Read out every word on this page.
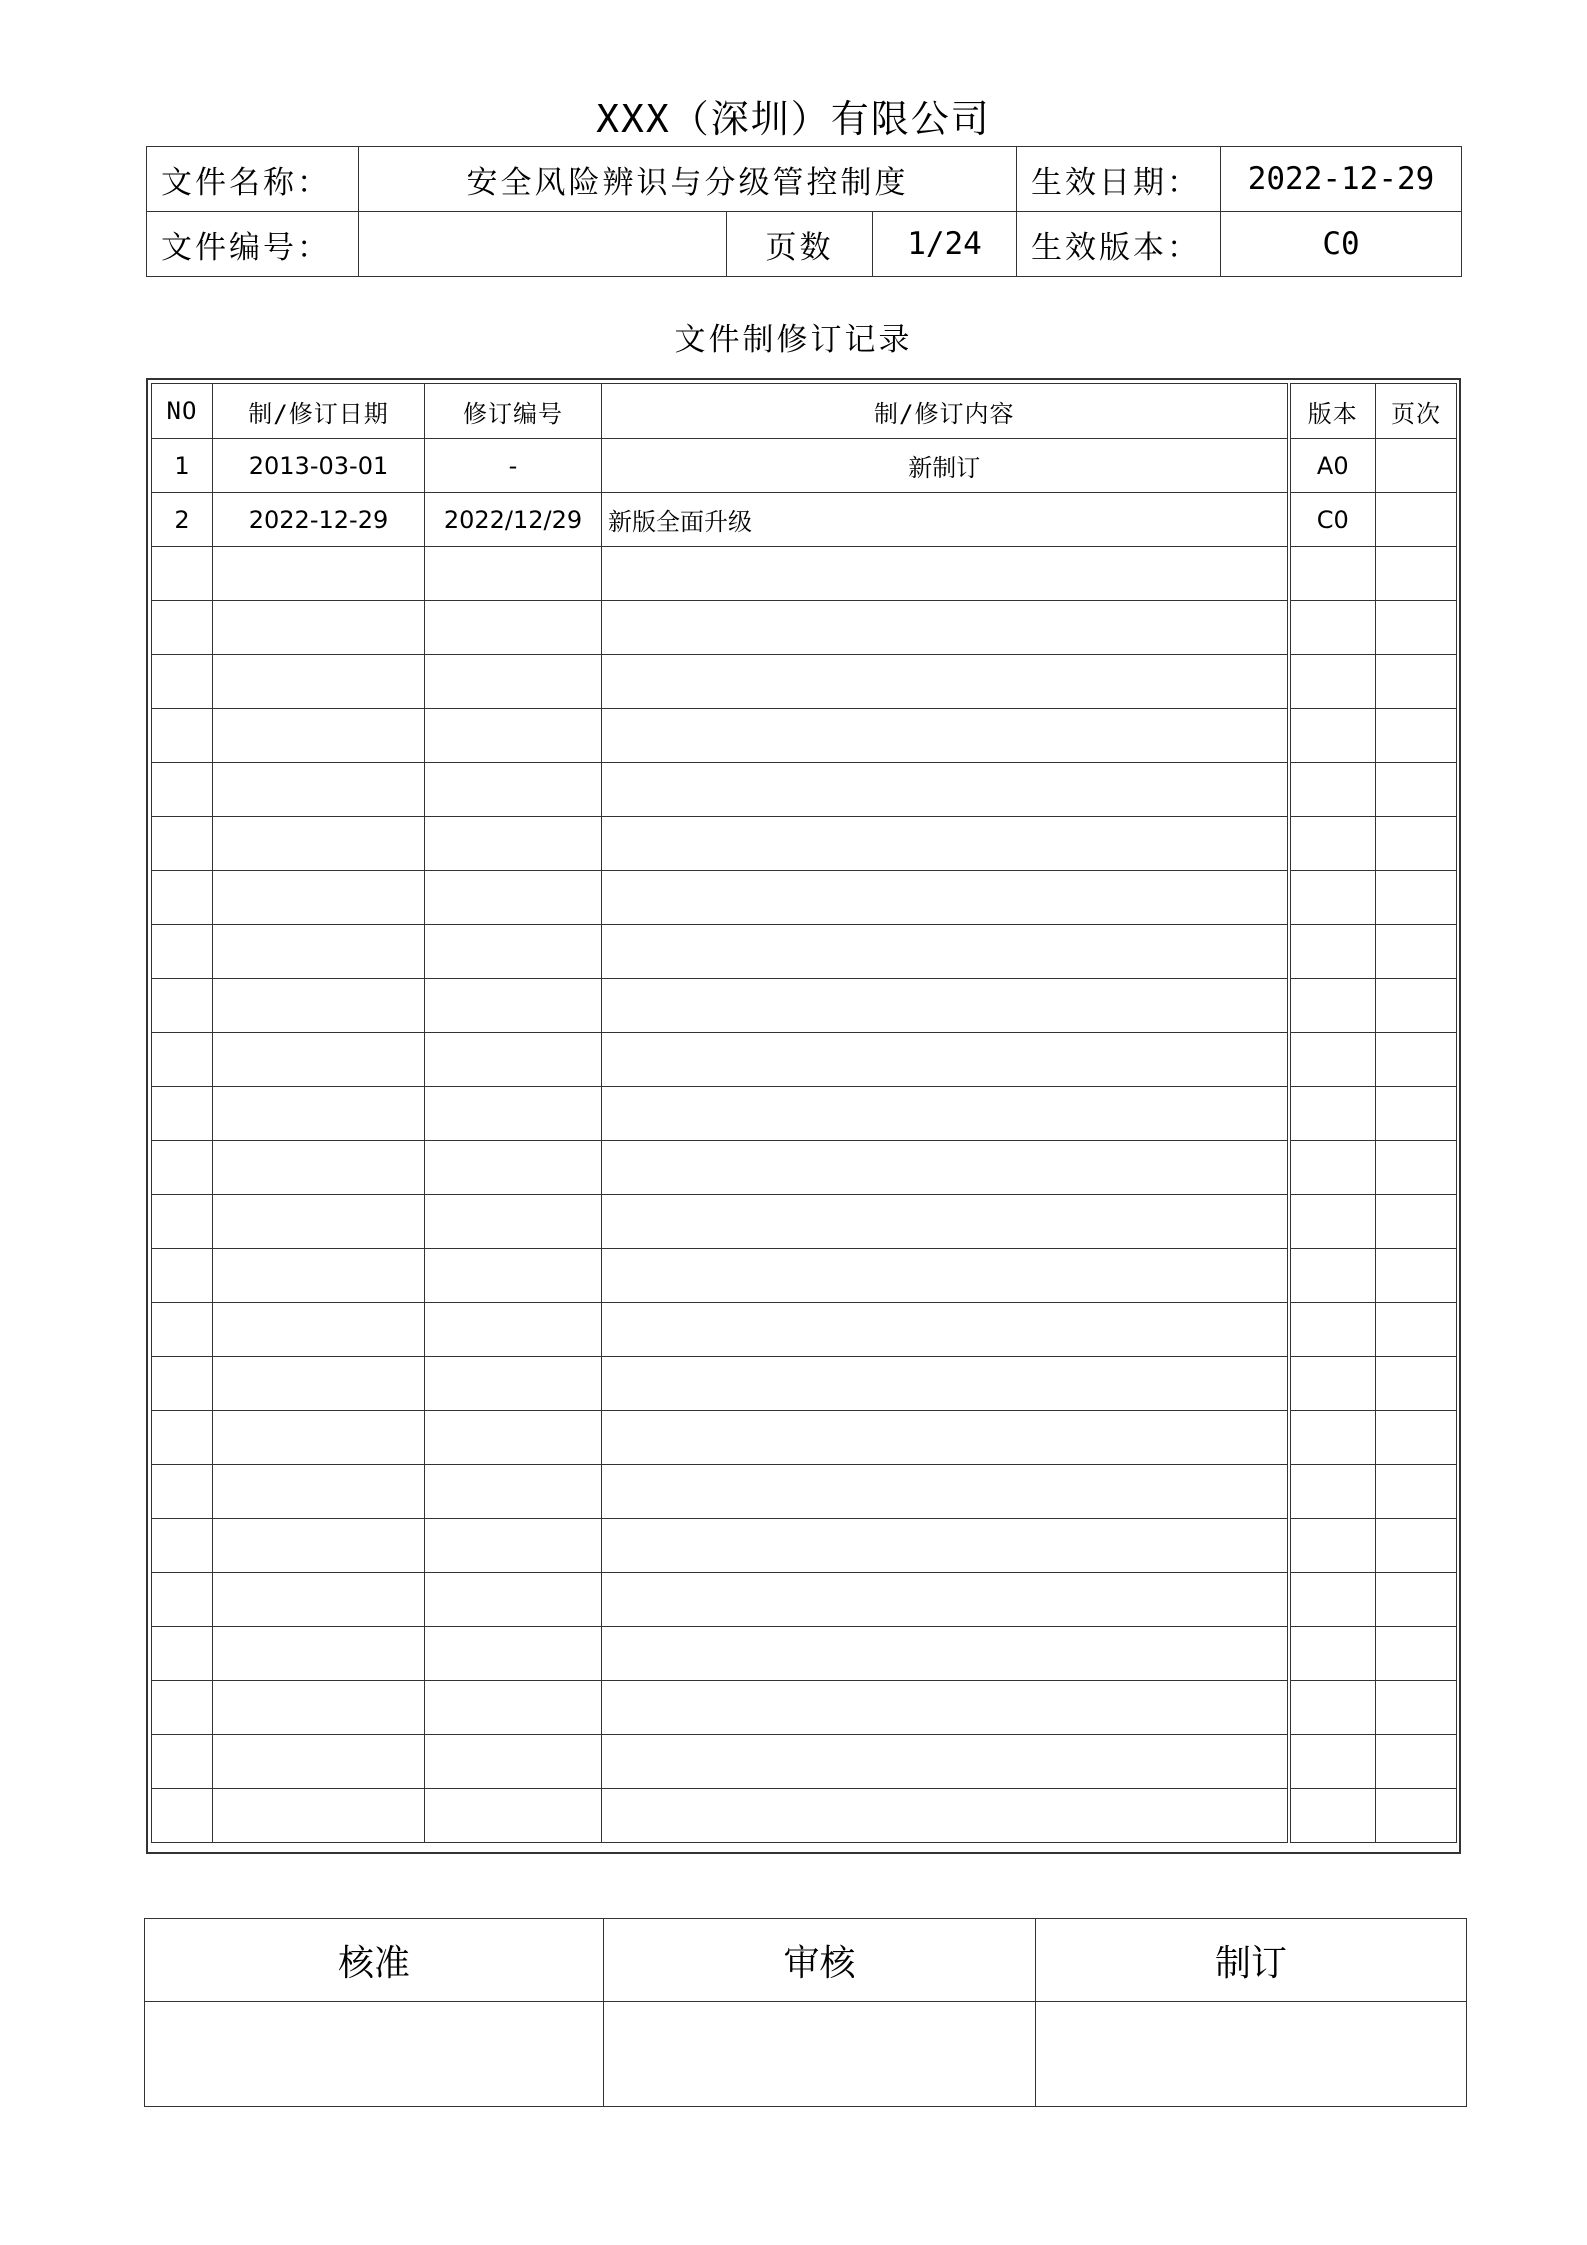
XXX（深圳）有限公司
文件名称：	安全风险辨识与分级管控制度			生效日期：	2022-12-29
文件编号：		页数	1/24	生效版本：	C0
文件制修订记录
NO	制/修订日期	修订编号	制/修订内容	版本	页次
1	2013-03-01	-	新制订	A0	
2	2022-12-29	2022/12/29	新版全面升级	C0	

核准	审核	制订
